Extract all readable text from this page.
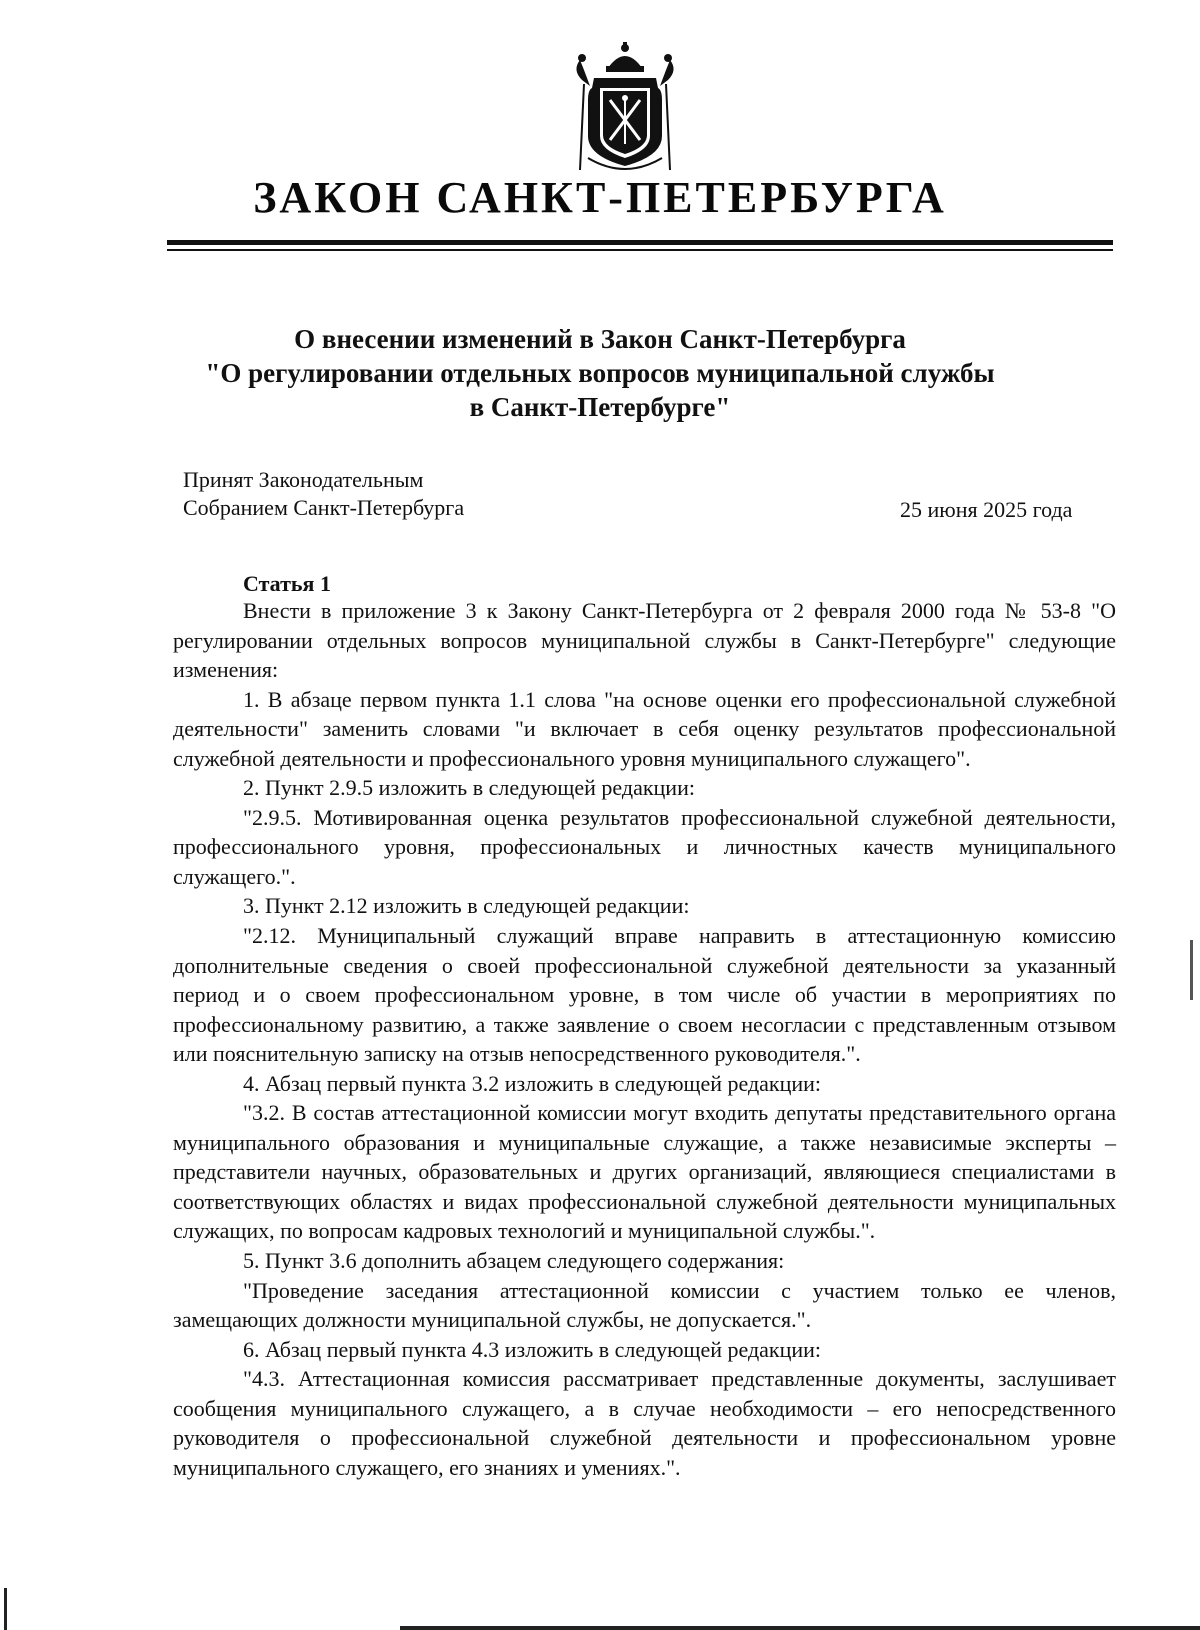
ЗАКОН САНКТ-ПЕТЕРБУРГА
О внесении изменений в Закон Санкт-Петербурга
"О регулировании отдельных вопросов муниципальной службы
в Санкт-Петербурге"
Принят Законодательным
Собранием Санкт-Петербурга	25 июня 2025 года
Статья 1

Внести в приложение 3 к Закону Санкт-Петербурга от 2 февраля 2000 года № 53-8 "О регулировании отдельных вопросов муниципальной службы в Санкт-Петербурге" следующие изменения:

1. В абзаце первом пункта 1.1 слова "на основе оценки его профессиональной служебной деятельности" заменить словами "и включает в себя оценку результатов профессиональной служебной деятельности и профессионального уровня муниципального служащего".

2. Пункт 2.9.5 изложить в следующей редакции:

"2.9.5. Мотивированная оценка результатов профессиональной служебной деятельности, профессионального уровня, профессиональных и личностных качеств муниципального служащего.".

3. Пункт 2.12 изложить в следующей редакции:

"2.12. Муниципальный служащий вправе направить в аттестационную комиссию дополнительные сведения о своей профессиональной служебной деятельности за указанный период и о своем профессиональном уровне, в том числе об участии в мероприятиях по профессиональному развитию, а также заявление о своем несогласии с представленным отзывом или пояснительную записку на отзыв непосредственного руководителя.".

4. Абзац первый пункта 3.2 изложить в следующей редакции:

"3.2. В состав аттестационной комиссии могут входить депутаты представительного органа муниципального образования и муниципальные служащие, а также независимые эксперты – представители научных, образовательных и других организаций, являющиеся специалистами в соответствующих областях и видах профессиональной служебной деятельности муниципальных служащих, по вопросам кадровых технологий и муниципальной службы.".

5. Пункт 3.6 дополнить абзацем следующего содержания:

"Проведение заседания аттестационной комиссии с участием только ее членов, замещающих должности муниципальной службы, не допускается.".

6. Абзац первый пункта 4.3 изложить в следующей редакции:

"4.3. Аттестационная комиссия рассматривает представленные документы, заслушивает сообщения муниципального служащего, а в случае необходимости – его непосредственного руководителя о профессиональной служебной деятельности и профессиональном уровне муниципального служащего, его знаниях и умениях.".
